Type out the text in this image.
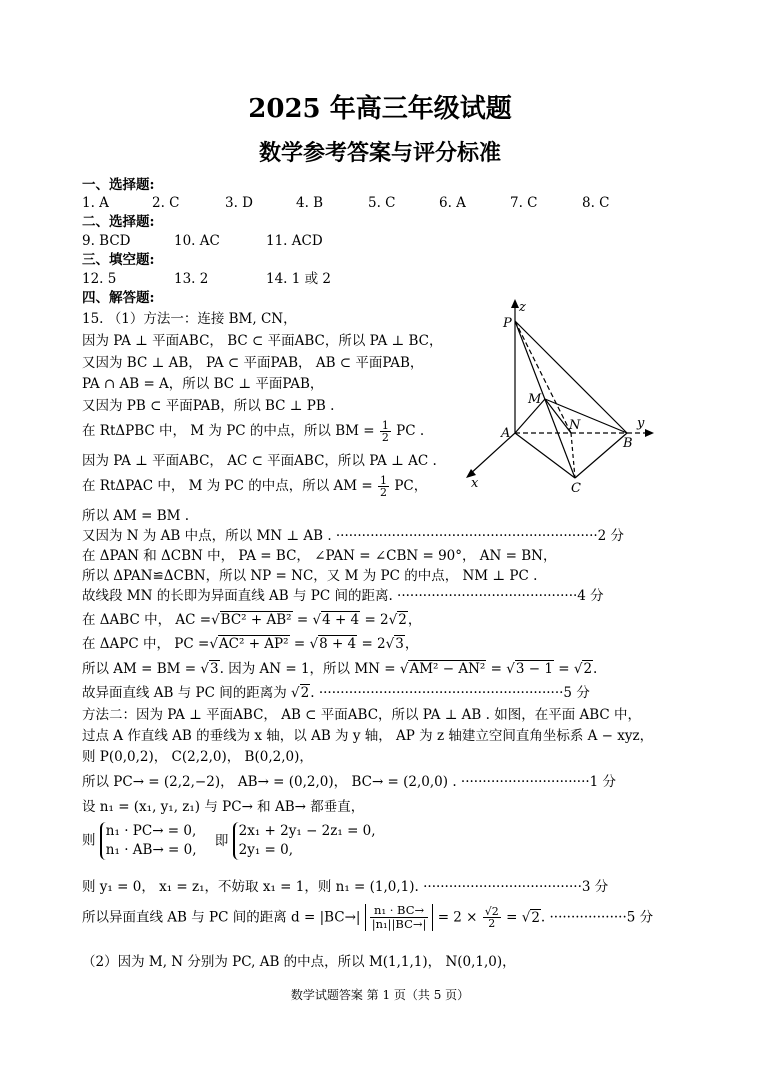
2025 年高三年级试题
数学参考答案与评分标准
一、选择题:
1. A	2. C	3. D	4. B	5. C	6. A	7. C	8. C
二、选择题:
9. BCD	10. AC	11. ACD
三、填空题:
12. 5	13. 2	14. 1 或 2
四、解答题:
15. （1）方法一：连接 BM, CN，
因为 PA ⊥ 平面ABC， BC ⊂ 平面ABC，所以 PA ⊥ BC，
又因为 BC ⊥ AB， PA ⊂ 平面PAB， AB ⊂ 平面PAB，
PA ∩ AB = A，所以 BC ⊥ 平面PAB，
又因为 PB ⊂ 平面PAB，所以 BC ⊥ PB .
在 RtΔPBC 中， M 为 PC 的中点，所以 BM = $\frac{1}{2}$ PC .
因为 PA ⊥ 平面ABC， AC ⊂ 平面ABC，所以 PA ⊥ AC .
在 RtΔPAC 中， M 为 PC 的中点，所以 AM = $\frac{1}{2}$ PC，
所以 AM = BM .
又因为 N 为 AB 中点，所以 MN ⊥ AB . ·····························································2 分
在 ΔPAN 和 ΔCBN 中， PA = BC， ∠PAN = ∠CBN = 90°， AN = BN，
所以 ΔPAN≌ΔCBN，所以 NP = NC，又 M 为 PC 的中点， NM ⊥ PC .
故线段 MN 的长即为异面直线 AB 与 PC 间的距离. ··········································4 分
在 ΔABC 中， AC =√BC² + AB² = √4 + 4 = 2√2，
在 ΔAPC 中， PC =√AC² + AP² = √8 + 4 = 2√3，
所以 AM = BM = √3. 因为 AN = 1，所以 MN = √AM² − AN² = √3 − 1 = √2.
故异面直线 AB 与 PC 间的距离为 √2. ·························································5 分
方法二：因为 PA ⊥ 平面ABC， AB ⊂ 平面ABC，所以 PA ⊥ AB . 如图，在平面 ABC 中，
过点 A 作直线 AB 的垂线为 x 轴，以 AB 为 y 轴， AP 为 z 轴建立空间直角坐标系 A − xyz，
则 P(0,0,2)， C(2,2,0)， B(0,2,0)，
所以 PC→ = (2,2,−2)， AB→ = (0,2,0)， BC→ = (2,0,0) . ······························1 分
设 n₁ = (x₁, y₁, z₁) 与 PC→ 和 AB→ 都垂直，
则
n₁ · PC→ = 0,
n₁ · AB→ = 0,
即
2x₁ + 2y₁ − 2z₁ = 0,
2y₁ = 0,
则 y₁ = 0， x₁ = z₁，不妨取 x₁ = 1，则 n₁ = (1,0,1). ·····································3 分
所以异面直线 AB 与 PC 间的距离 $d = |BC\to| \frac{\text{n₁ · BC→}}{\text{|n₁||BC→|}} = 2 \times \frac{√2}{2} = √2$. ··················5 分
（2）因为 M, N 分别为 PC, AB 的中点，所以 M(1,1,1)， N(0,1,0)，
z
P
M
N
A
B
y
C
x
数学试题答案 第 1 页（共 5 页）
